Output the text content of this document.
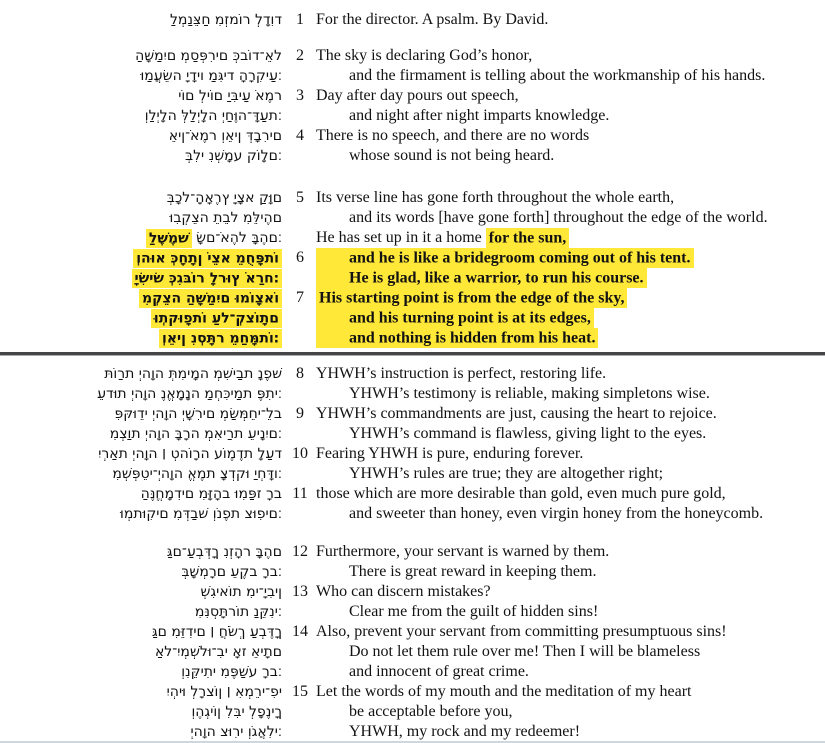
לַמְנַצֵּחַ מִזְמוֹר לְדָוִד 1 For the director. A psalm. By David.
הַשָּׁמַיִם מְסַפְּרִים כְּבוֹד־אֵל
וּמַעֲשֵׂה יָדָיו מַגִּיד הָרָקִיעַ׃
2 The sky is declaring God’s honor,
and the firmament is telling about the workmanship of his hands.
יוֹם לְיוֹם יַבִּיעַ אֹמֶר
וְלַיְלָה לְּלַיְלָה יְחַוֶּה־דָּעַת׃
3 Day after day pours out speech,
and night after night imparts knowledge.
אֵין־אֹמֶר וְאֵין דְּבָרִים
בְּלִי נִשְׁמָע קוֹלָם׃
4 There is no speech, and there are no words
whose sound is not being heard.
בְּכָל־הָאָרֶץ יָצָא קַוָּם
וּבִקְצֵה תֵבֵל מִלֵּיהֶם
לַשֶּׁמֶשׁ שָׂם־אֹהֶל בָּהֶם׃
5 Its verse line has gone forth throughout the whole earth,
and its words [have gone forth] throughout the edge of the world.
He has set up in it a home for the sun,
וְהוּא כְּחָתָן יֹצֵא מֵחֻפָּתוֹ
יָשִׂישׂ כְּגִבּוֹר לָרוּץ אֹרַח׃
6	and he is like a bridegroom coming out of his tent.
He is glad, like a warrior, to run his course.
מִקְצֵה הַשָּׁמַיִם וּמוֹצָאוֹ
וּתְקוּפָתוֹ עַל־קְצוֹתָם
וְאֵין נִסְתָּר מֵחַמָּתוֹ׃
7 His starting point is from the edge of the sky,
and his turning point is at its edges,
and nothing is hidden from his heat.
תּוֹרַת יְהוָה תְּמִימָה מְשִׁיבַת נָפֶשׁ
עֵדוּת יְהוָה נֶאֱמָנָה מַחְכִּימַת פֶּתִי׃
8 YHWH’s instruction is perfect, restoring life.
YHWH’s testimony is reliable, making simpletons wise.
פִּקּוּדֵי יְהוָה יְשָׁרִים מְשַׂמְּחֵי־לֵב
מִצְוַת יְהוָה בָּרָה מְאִירַת עֵינָיִם׃
9 YHWH’s commandments are just, causing the heart to rejoice.
YHWH’s command is flawless, giving light to the eyes.
יִרְאַת יְהוָה ׀ טְהוֹרָה עוֹמֶדֶת לָעַד
מִשְׁפְּטֵי־יְהוָה אֱמֶת צָדְקוּ יַחְדָּו׃
10 Fearing YHWH is pure, enduring forever.
YHWH’s rules are true; they are altogether right;
הַנֶּחֱמָדִים מִזָּהָב וּמִפַּז רָב
וּמְתוּקִים מִדְּבַשׁ וְנֹפֶת צוּפִים׃
11 those which are more desirable than gold, even much pure gold,
and sweeter than honey, even virgin honey from the honeycomb.
גַּם־עַבְדְּךָ נִזְהָר בָּהֶם
בְּשָׁמְרָם עֵקֶב רָב׃
12 Furthermore, your servant is warned by them.
There is great reward in keeping them.
שְׁגִיאוֹת מִי־יָבִין
מִנִּסְתָּרוֹת נַקֵּנִי׃
13 Who can discern mistakes?
Clear me from the guilt of hidden sins!
גַּם מִזֵּדִים ׀ חֲשֹׂךְ עַבְדֶּךָ
אַל־יִמְשְׁלוּ־בִי אָז אֵיתָם
וְנִקֵּיתִי מִפֶּשַׁע רָב׃
14 Also, prevent your servant from committing presumptuous sins!
Do not let them rule over me! Then I will be blameless
and innocent of great crime.
יִהְיוּ לְרָצוֹן ׀ אִמְרֵי־פִי
וְהֶגְיוֹן לִבִּי לְפָנֶיךָ
יְהוָה צוּרִי וְגֹאֲלִי׃
15 Let the words of my mouth and the meditation of my heart
be acceptable before you,
YHWH, my rock and my redeemer!
